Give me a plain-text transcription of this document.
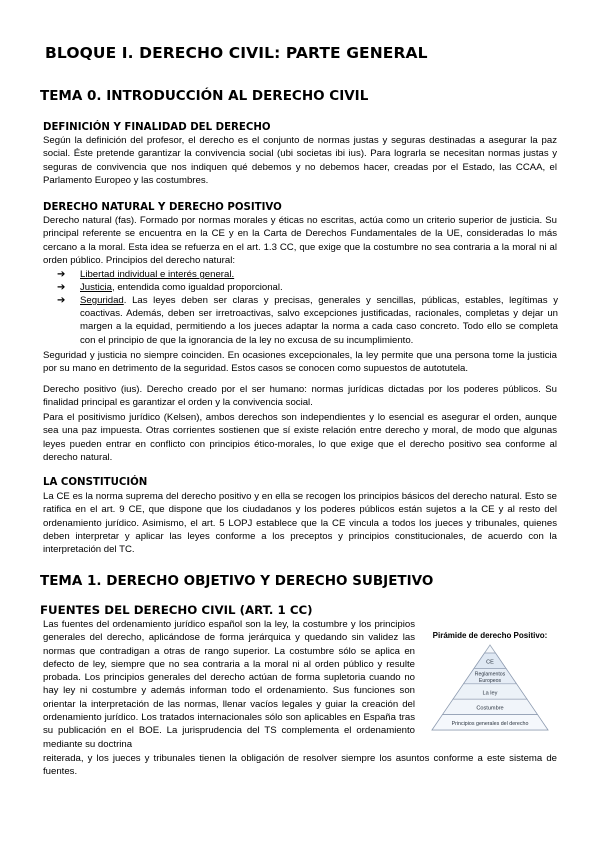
BLOQUE I. DERECHO CIVIL: PARTE GENERAL
TEMA 0. INTRODUCCIÓN AL DERECHO CIVIL
DEFINICIÓN Y FINALIDAD DEL DERECHO

Según la definición del profesor, el derecho es el conjunto de normas justas y seguras destinadas a asegurar la paz social. Éste pretende garantizar la convivencia social (ubi societas ibi ius). Para lograrla se necesitan normas justas y seguras de convivencia que nos indiquen qué debemos y no debemos hacer, creadas por el Estado, las CCAA, el Parlamento Europeo y las costumbres.

DERECHO NATURAL Y DERECHO POSITIVO

Derecho natural (fas). Formado por normas morales y éticas no escritas, actúa como un criterio superior de justicia. Su principal referente se encuentra en la CE y en la Carta de Derechos Fundamentales de la UE, consideradas lo más cercano a la moral. Esta idea se refuerza en el art. 1.3 CC, que exige que la costumbre no sea contraria a la moral ni al orden público. Principios del derecho natural:

➔ Libertad individual e interés general.
➔ Justicia, entendida como igualdad proporcional.
➔ Seguridad. Las leyes deben ser claras y precisas, generales y sencillas, públicas, estables, legítimas y coactivas. Además, deben ser irretroactivas, salvo excepciones justificadas, racionales, completas y dejar un margen a la equidad, permitiendo a los jueces adaptar la norma a cada caso concreto. Todo ello se completa con el principio de que la ignorancia de la ley no excusa de su incumplimiento.

Seguridad y justicia no siempre coinciden. En ocasiones excepcionales, la ley permite que una persona tome la justicia por su mano en detrimento de la seguridad. Estos casos se conocen como supuestos de autotutela.

Derecho positivo (ius). Derecho creado por el ser humano: normas jurídicas dictadas por los poderes públicos. Su finalidad principal es garantizar el orden y la convivencia social.

Para el positivismo jurídico (Kelsen), ambos derechos son independientes y lo esencial es asegurar el orden, aunque sea una paz impuesta. Otras corrientes sostienen que sí existe relación entre derecho y moral, de modo que algunas leyes pueden entrar en conflicto con principios ético-morales, lo que exige que el derecho positivo sea conforme al derecho natural.

LA CONSTITUCIÓN

La CE es la norma suprema del derecho positivo y en ella se recogen los principios básicos del derecho natural. Esto se ratifica en el art. 9 CE, que dispone que los ciudadanos y los poderes públicos están sujetos a la CE y al resto del ordenamiento jurídico. Asimismo, el art. 5 LOPJ establece que la CE vincula a todos los jueces y tribunales, quienes deben interpretar y aplicar las leyes conforme a los preceptos y principios constitucionales, de acuerdo con la interpretación del TC.

TEMA 1. DERECHO OBJETIVO Y DERECHO SUBJETIVO
FUENTES DEL DERECHO CIVIL (ART. 1 CC)

Las fuentes del ordenamiento jurídico español son la ley, la costumbre y los principios generales del derecho, aplicándose de forma jerárquica y quedando sin validez las normas que contradigan a otras de rango superior. La costumbre sólo se aplica en defecto de ley, siempre que no sea contraria a la moral ni al orden público y resulte probada. Los principios generales del derecho actúan de forma supletoria cuando no hay ley ni costumbre y además informan todo el ordenamiento. Sus funciones son orientar la interpretación de las normas, llenar vacíos legales y guiar la creación del ordenamiento jurídico. Los tratados internacionales sólo son aplicables en España tras su publicación en el BOE. La jurisprudencia del TS complementa el ordenamiento mediante su doctrina

reiterada, y los jueces y tribunales tienen la obligación de resolver siempre los asuntos conforme a este sistema de fuentes.

Pirámide de derecho Positivo:
CE
Reglamentos
Europeos
La ley
Costumbre
Principios generales del derecho
